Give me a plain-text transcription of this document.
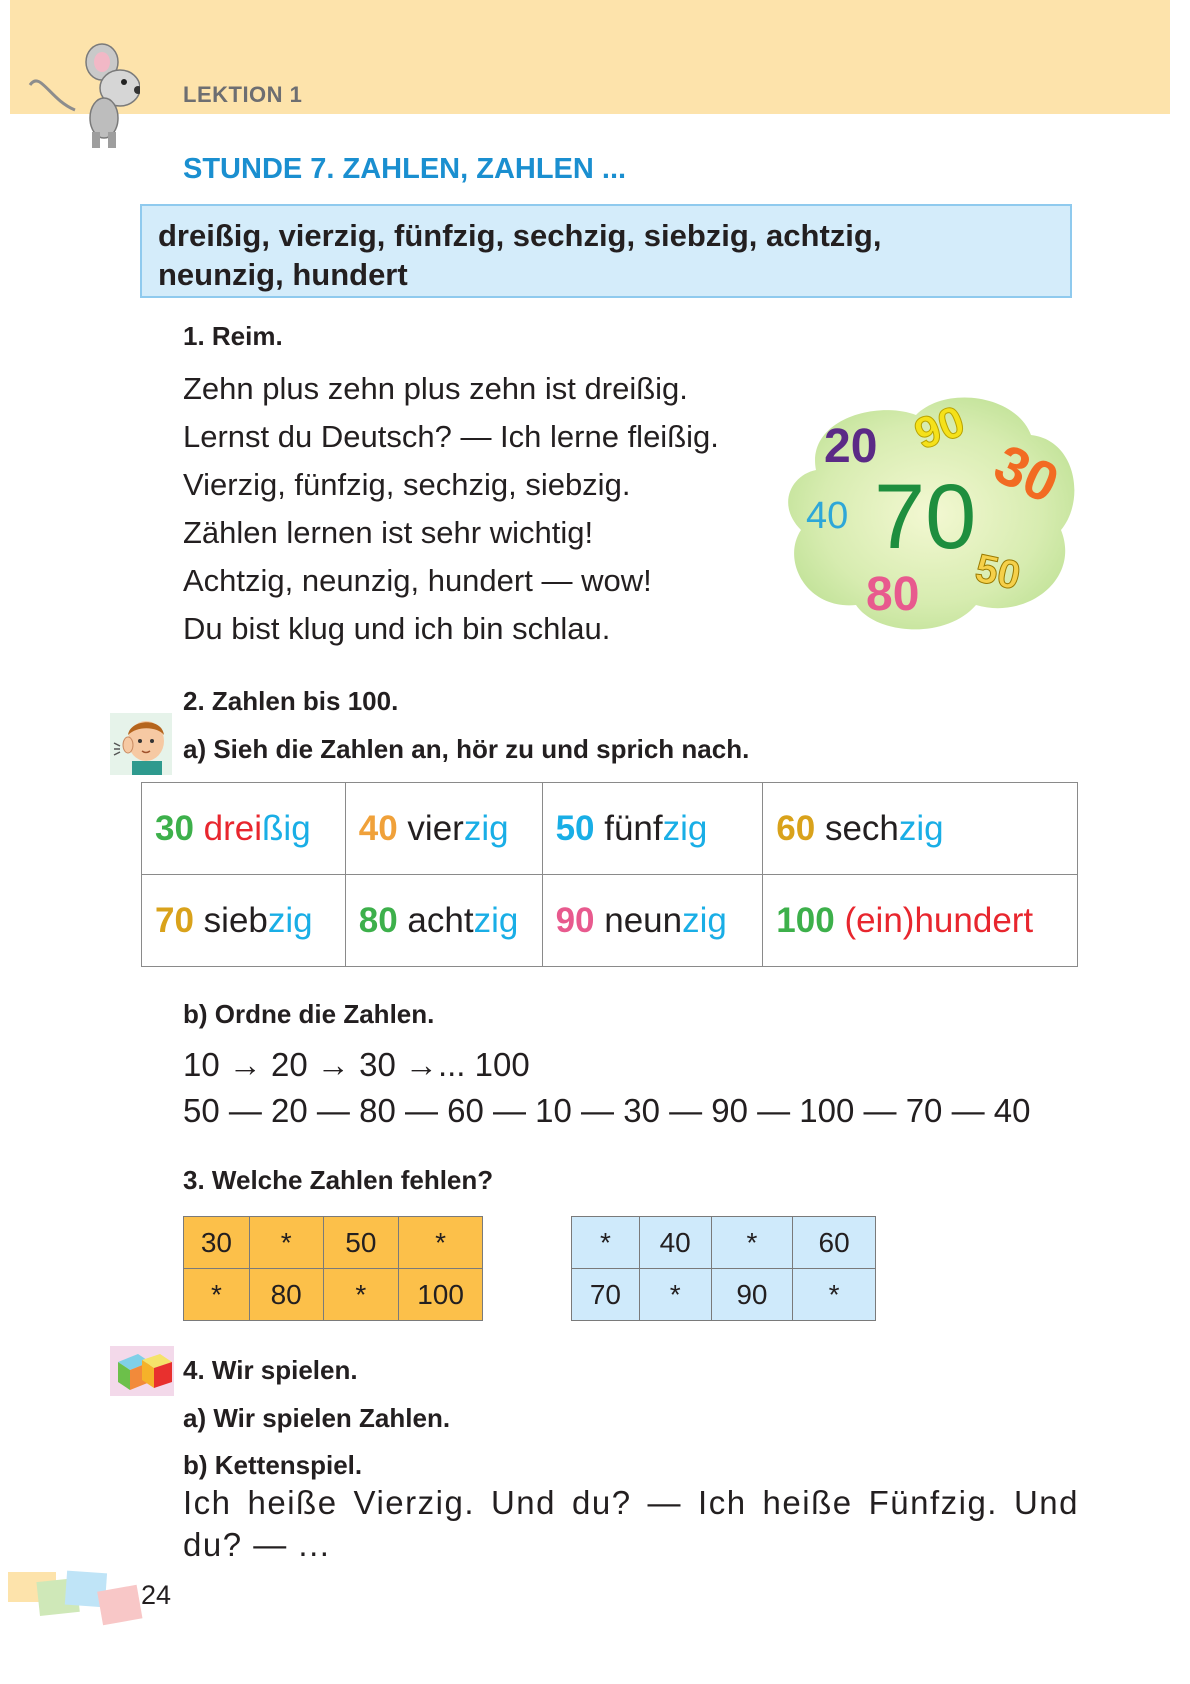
LEKTION 1
STUNDE 7. ZAHLEN, ZAHLEN ...
dreißig, vierzig, fünfzig, sechzig, siebzig, achtzig,
neunzig, hundert
1. Reim.
Zehn plus zehn plus zehn ist dreißig.
Lernst du Deutsch? — Ich lerne fleißig.
Vierzig, fünfzig, sechzig, siebzig.
Zählen lernen ist sehr wichtig!
Achtzig, neunzig, hundert — wow!
Du bist klug und ich bin schlau.
20 90
30
40 70
80 50
2. Zahlen bis 100.
a) Sieh die Zahlen an, hör zu und sprich nach.
30 dreißig	40 vierzig	50 fünfzig	60 sechzig
70 siebzig	80 achtzig	90 neunzig	100 (ein)hundert
b) Ordne die Zahlen.
10 → 20 → 30 →... 100
50 — 20 — 80 — 60 — 10 — 30 — 90 — 100 — 70 — 40
3. Welche Zahlen fehlen?
30	*	50	*
*	80	*	100
*	40	*	60
70	*	90	*
4. Wir spielen.
a) Wir spielen Zahlen.
b) Kettenspiel.
Ich heiße Vierzig. Und du? — Ich heiße Fünfzig. Und du? — ...
24
